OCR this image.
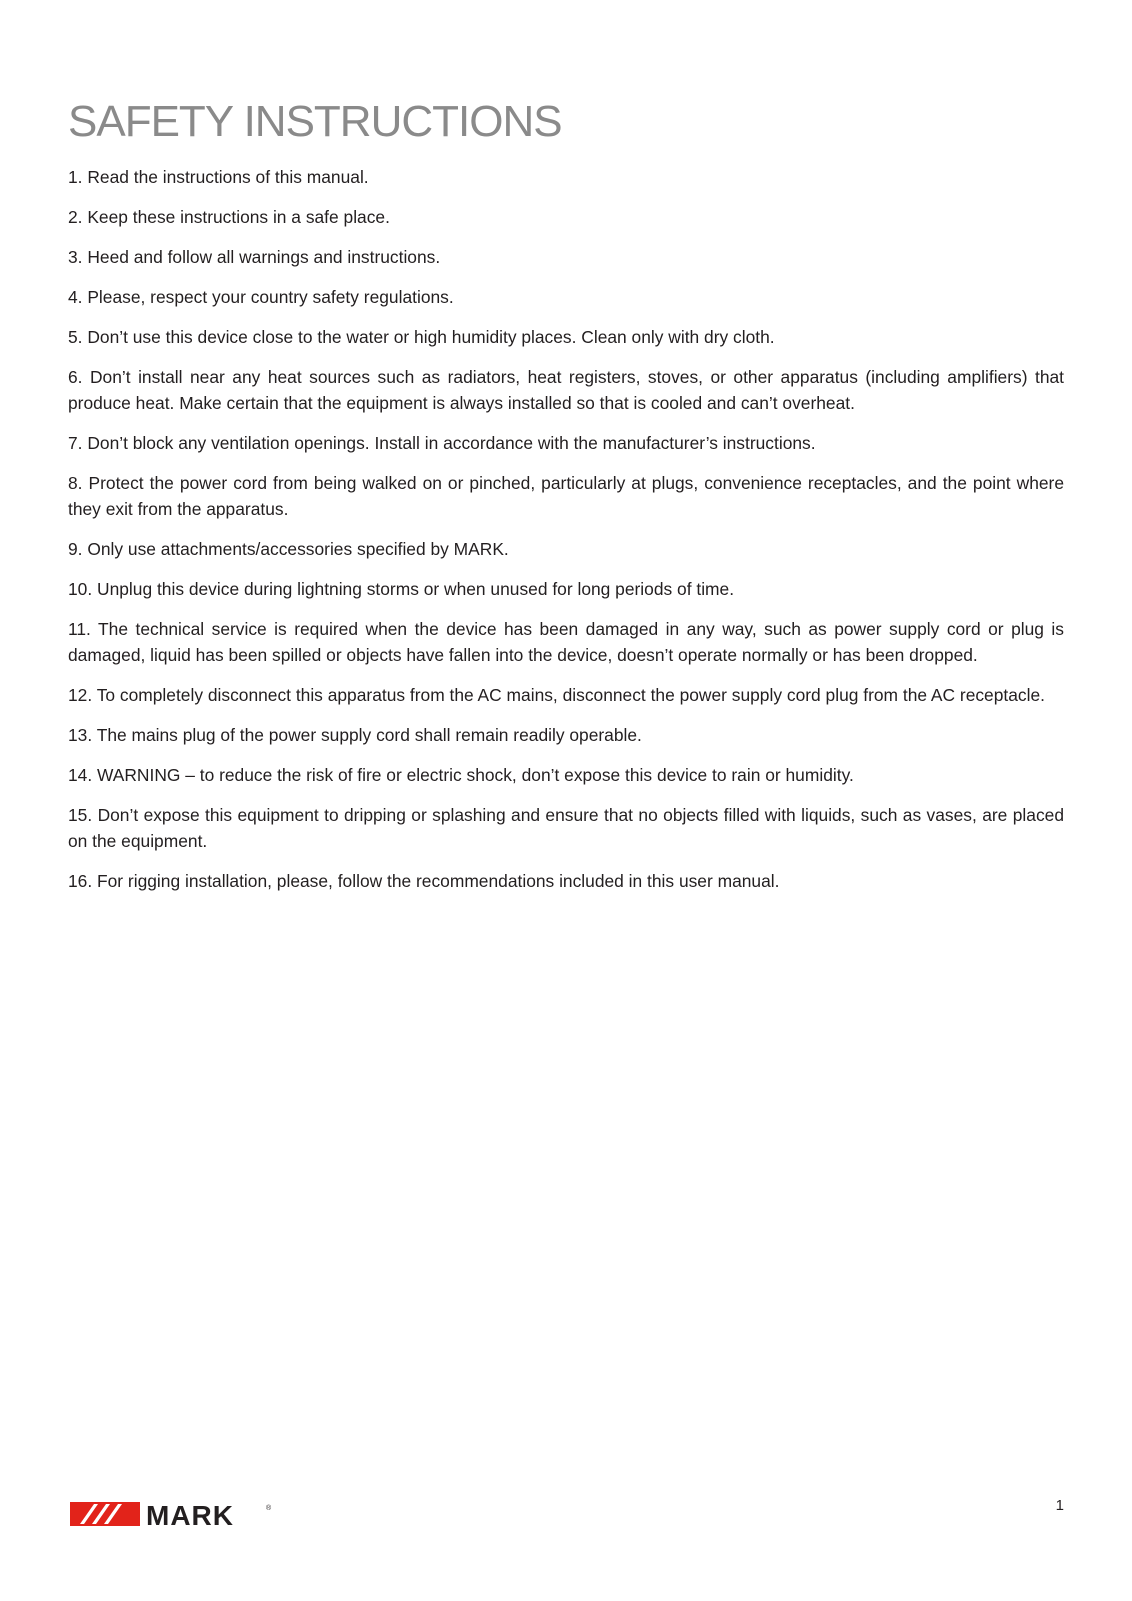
SAFETY INSTRUCTIONS
1. Read the instructions of this manual.
2. Keep these instructions in a safe place.
3. Heed and follow all warnings and instructions.
4. Please, respect your country safety regulations.
5. Don’t use this device close to the water or high humidity places. Clean only with dry cloth.
6. Don’t install near any heat sources such as radiators, heat registers, stoves, or other apparatus (including amplifiers) that produce heat. Make certain that the equipment is always installed so that is cooled and can’t overheat.
7. Don’t block any ventilation openings. Install in accordance with the manufacturer’s instructions.
8. Protect the power cord from being walked on or pinched, particularly at plugs, convenience receptacles, and the point where they exit from the apparatus.
9. Only use attachments/accessories specified by MARK.
10. Unplug this device during lightning storms or when unused for long periods of time.
11. The technical service is required when the device has been damaged in any way, such as power supply cord or plug is damaged, liquid has been spilled or objects have fallen into the device, doesn’t operate normally or has been dropped.
12. To completely disconnect this apparatus from the AC mains, disconnect the power supply cord plug from the AC receptacle.
13. The mains plug of the power supply cord shall remain readily operable.
14. WARNING – to reduce the risk of fire or electric shock, don’t expose this device to rain or humidity.
15. Don’t expose this equipment to dripping or splashing and ensure that no objects filled with liquids, such as vases, are placed on the equipment.
16. For rigging installation, please, follow the recommendations included in this user manual.
MARK	®	1
